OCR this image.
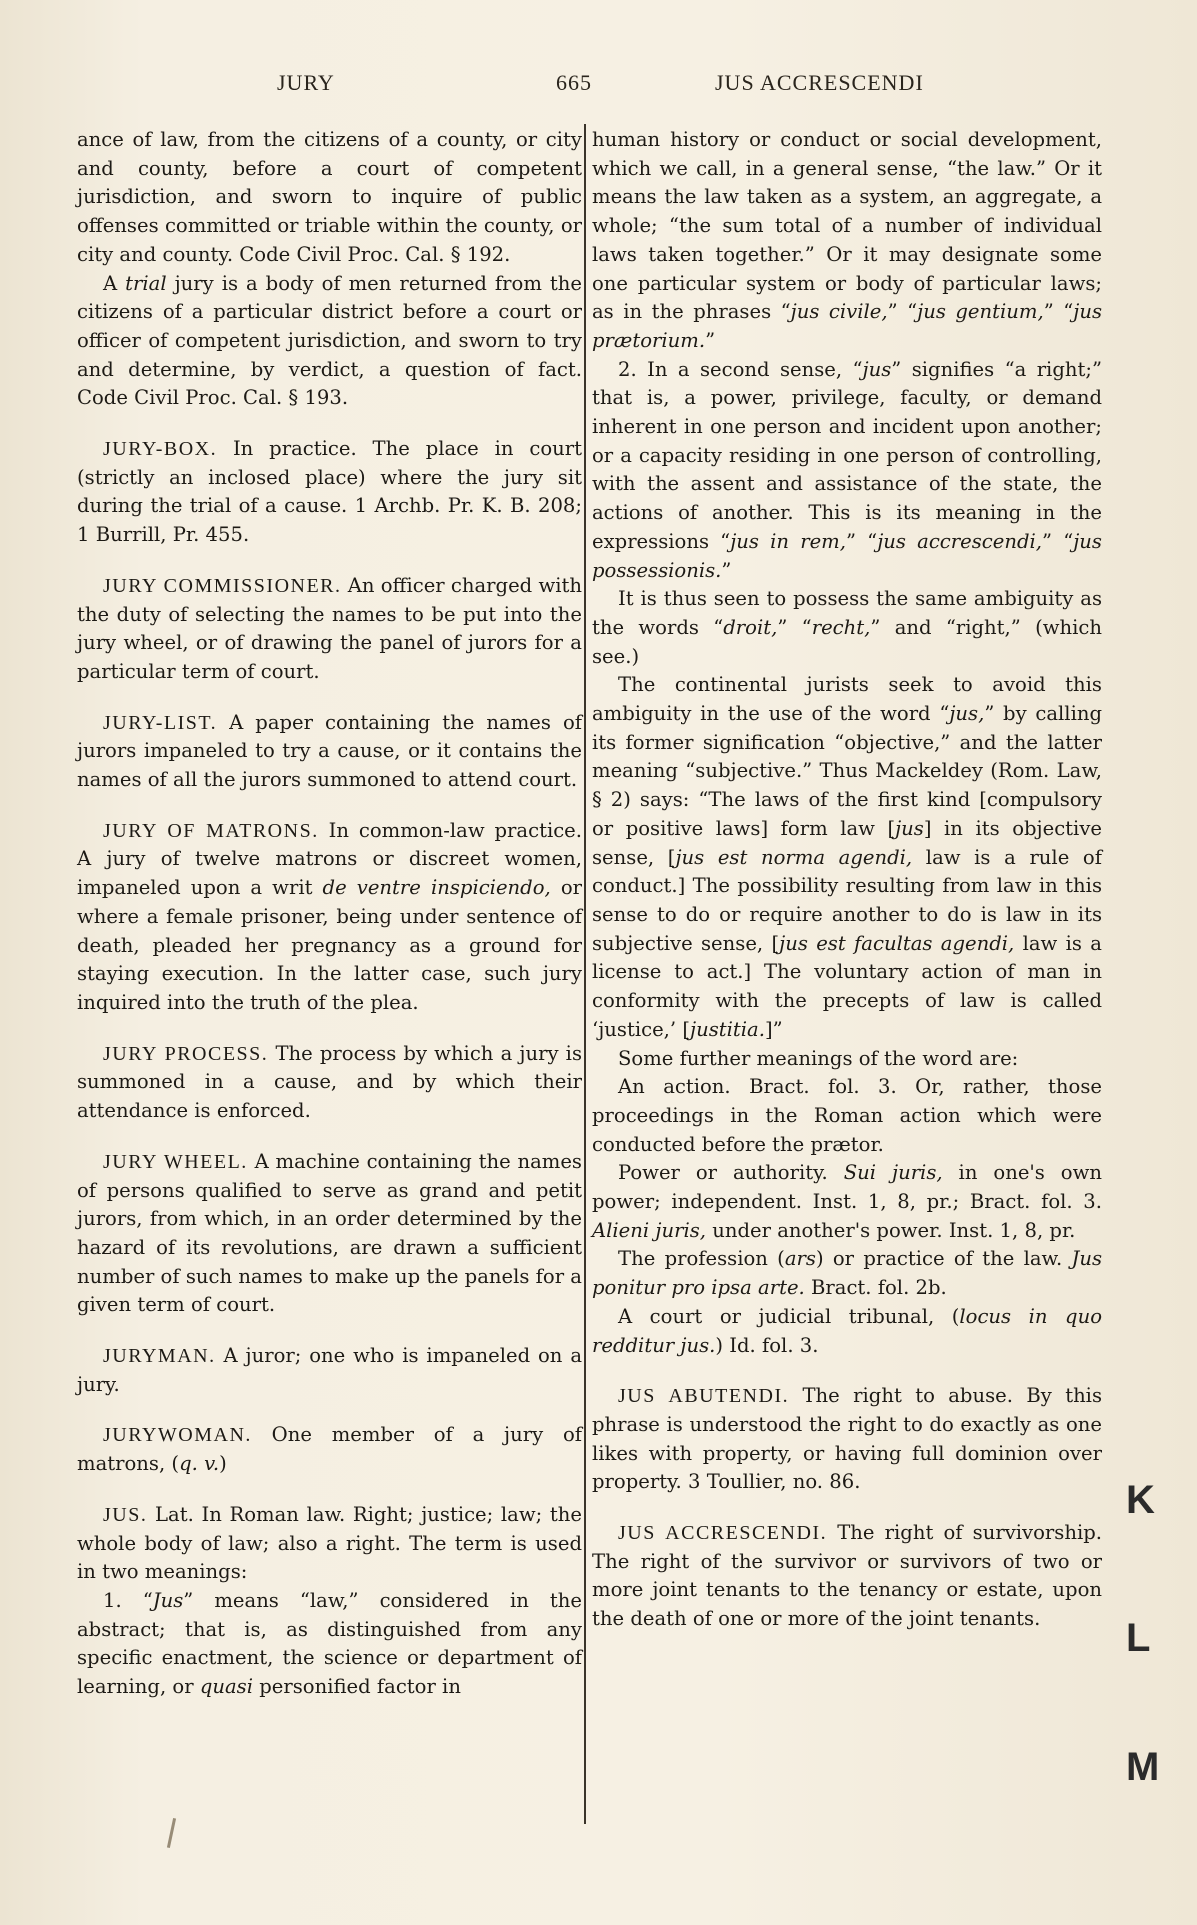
JURY	665	JUS ACCRESCENDI

ance of law, from the citizens of a county, or city and county, before a court of competent jurisdiction, and sworn to inquire of public offenses committed or triable within the county, or city and county. Code Civil Proc. Cal. § 192.

A trial jury is a body of men returned from the citizens of a particular district before a court or officer of competent jurisdiction, and sworn to try and determine, by verdict, a question of fact. Code Civil Proc. Cal. § 193.

JURY-BOX. In practice. The place in court (strictly an inclosed place) where the jury sit during the trial of a cause. 1 Archb. Pr. K. B. 208; 1 Burrill, Pr. 455.

JURY COMMISSIONER. An officer charged with the duty of selecting the names to be put into the jury wheel, or of drawing the panel of jurors for a particular term of court.

JURY-LIST. A paper containing the names of jurors impaneled to try a cause, or it contains the names of all the jurors summoned to attend court.

JURY OF MATRONS. In common-law practice. A jury of twelve matrons or discreet women, impaneled upon a writ de ventre inspiciendo, or where a female prisoner, being under sentence of death, pleaded her pregnancy as a ground for staying execution. In the latter case, such jury inquired into the truth of the plea.

JURY PROCESS. The process by which a jury is summoned in a cause, and by which their attendance is enforced.

JURY WHEEL. A machine containing the names of persons qualified to serve as grand and petit jurors, from which, in an order determined by the hazard of its revolutions, are drawn a sufficient number of such names to make up the panels for a given term of court.

JURYMAN. A juror; one who is impaneled on a jury.

JURYWOMAN. One member of a jury of matrons, (q. v.)

JUS. Lat. In Roman law. Right; justice; law; the whole body of law; also a right. The term is used in two meanings:

1. “Jus” means “law,” considered in the abstract; that is, as distinguished from any specific enactment, the science or department of learning, or quasi personified factor in

human history or conduct or social development, which we call, in a general sense, “the law.” Or it means the law taken as a system, an aggregate, a whole; “the sum total of a number of individual laws taken together.” Or it may designate some one particular system or body of particular laws; as in the phrases “jus civile,” “jus gentium,” “jus prætorium.”

2. In a second sense, “jus” signifies “a right;” that is, a power, privilege, faculty, or demand inherent in one person and incident upon another; or a capacity residing in one person of controlling, with the assent and assistance of the state, the actions of another. This is its meaning in the expressions “jus in rem,” “jus accrescendi,” “jus possessionis.”

It is thus seen to possess the same ambiguity as the words “droit,” “recht,” and “right,” (which see.)

The continental jurists seek to avoid this ambiguity in the use of the word “jus,” by calling its former signification “objective,” and the latter meaning “subjective.” Thus Mackeldey (Rom. Law, § 2) says: “The laws of the first kind [compulsory or positive laws] form law [jus] in its objective sense, [jus est norma agendi, law is a rule of conduct.] The possibility resulting from law in this sense to do or require another to do is law in its subjective sense, [jus est facultas agendi, law is a license to act.] The voluntary action of man in conformity with the precepts of law is called ‘justice,’ [justitia.]”

Some further meanings of the word are:

An action. Bract. fol. 3. Or, rather, those proceedings in the Roman action which were conducted before the prætor.

Power or authority. Sui juris, in one's own power; independent. Inst. 1, 8, pr.; Bract. fol. 3. Alieni juris, under another's power. Inst. 1, 8, pr.

The profession (ars) or practice of the law. Jus ponitur pro ipsa arte. Bract. fol. 2b.

A court or judicial tribunal, (locus in quo redditur jus.) Id. fol. 3.

JUS ABUTENDI. The right to abuse. By this phrase is understood the right to do exactly as one likes with property, or having full dominion over property. 3 Toullier, no. 86.

JUS ACCRESCENDI. The right of survivorship. The right of the survivor or survivors of two or more joint tenants to the tenancy or estate, upon the death of one or more of the joint tenants.

K
L
M
